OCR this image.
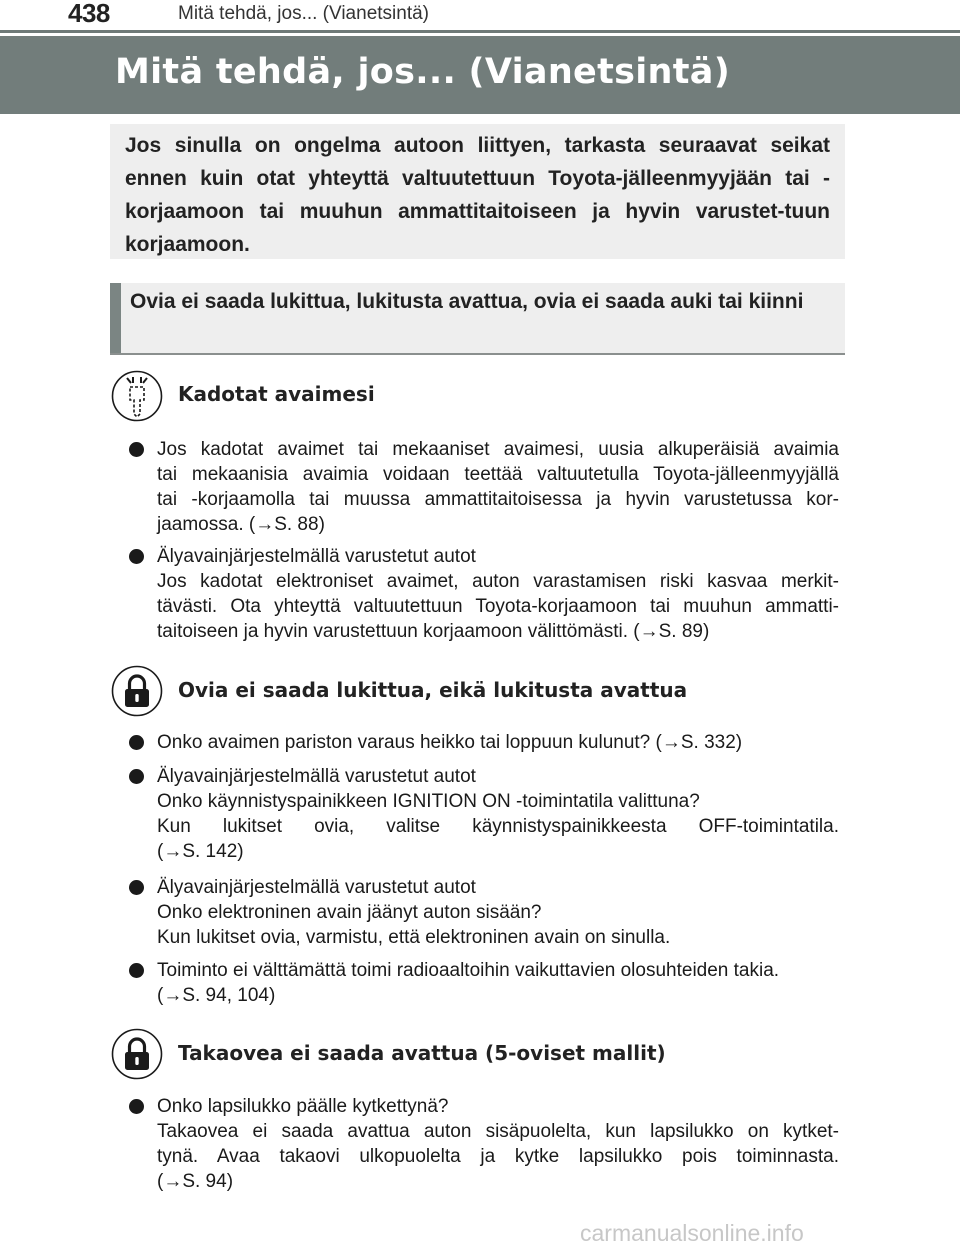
438	Mitä tehdä, jos... (Vianetsintä)
Mitä tehdä, jos... (Vianetsintä)
Jos sinulla on ongelma autoon liittyen, tarkasta seuraavat seikat ennen kuin otat yhteyttä valtuutettuun Toyota-jälleenmyyjään tai -korjaamoon tai muuhun ammattitaitoiseen ja hyvin varustet-tuun korjaamoon.
Ovia ei saada lukittua, lukitusta avattua, ovia ei saada auki tai kiinni
Kadotat avaimesi
Jos kadotat avaimet tai mekaaniset avaimesi, uusia alkuperäisiä avaimia
tai mekaanisia avaimia voidaan teettää valtuutetulla Toyota-jälleenmyyjällä
tai -korjaamolla tai muussa ammattitaitoisessa ja hyvin varustetussa kor-
jaamossa. (→S. 88)
Älyavainjärjestelmällä varustetut autot
Jos kadotat elektroniset avaimet, auton varastamisen riski kasvaa merkit-
tävästi. Ota yhteyttä valtuutettuun Toyota-korjaamoon tai muuhun ammatti-
taitoiseen ja hyvin varustettuun korjaamoon välittömästi. (→S. 89)
Ovia ei saada lukittua, eikä lukitusta avattua
Onko avaimen pariston varaus heikko tai loppuun kulunut? (→S. 332)
Älyavainjärjestelmällä varustetut autot
Onko käynnistyspainikkeen IGNITION ON -toimintatila valittuna?
Kun lukitset ovia, valitse käynnistyspainikkeesta OFF-toimintatila.
(→S. 142)
Älyavainjärjestelmällä varustetut autot
Onko elektroninen avain jäänyt auton sisään?
Kun lukitset ovia, varmistu, että elektroninen avain on sinulla.
Toiminto ei välttämättä toimi radioaaltoihin vaikuttavien olosuhteiden takia.
(→S. 94, 104)
Takaovea ei saada avattua (5-oviset mallit)
Onko lapsilukko päälle kytkettynä?
Takaovea ei saada avattua auton sisäpuolelta, kun lapsilukko on kytket-
tynä. Avaa takaovi ulkopuolelta ja kytke lapsilukko pois toiminnasta.
(→S. 94)
carmanualsonline.info
